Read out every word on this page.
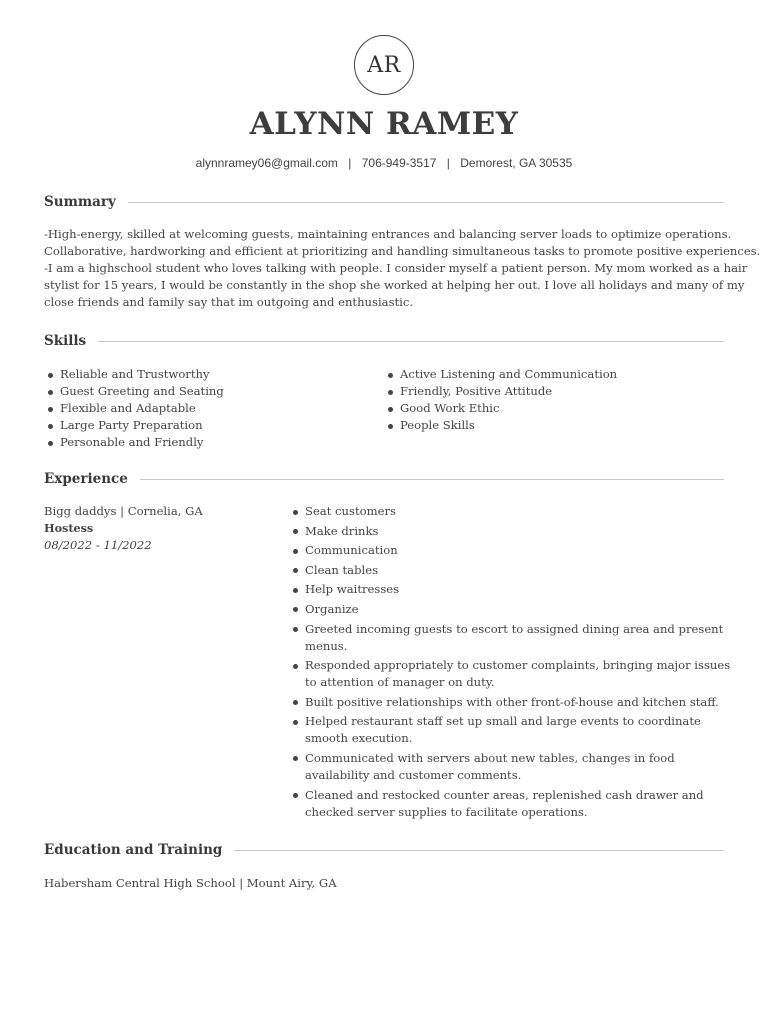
AR
ALYNN RAMEY
alynnramey06@gmail.com | 706-949-3517 | Demorest, GA 30535
Summary

-High-energy, skilled at welcoming guests, maintaining entrances and balancing server loads to optimize operations.

Collaborative, hardworking and efficient at prioritizing and handling simultaneous tasks to promote positive experiences.

-I am a highschool student who loves talking with people. I consider myself a patient person. My mom worked as a hair

stylist for 15 years, I would be constantly in the shop she worked at helping her out. I love all holidays and many of my

close friends and family say that im outgoing and enthusiastic.

Skills
Reliable and Trustworthy
Guest Greeting and Seating
Flexible and Adaptable
Large Party Preparation
Personable and Friendly
Active Listening and Communication
Friendly, Positive Attitude
Good Work Ethic
People Skills
Experience
Bigg daddys | Cornelia, GA
Hostess
08/2022 - 11/2022
Seat customers
Make drinks
Communication
Clean tables
Help waitresses
Organize
Greeted incoming guests to escort to assigned dining area and present menus.
Responded appropriately to customer complaints, bringing major issues to attention of manager on duty.
Built positive relationships with other front-of-house and kitchen staff.
Helped restaurant staff set up small and large events to coordinate smooth execution.
Communicated with servers about new tables, changes in food availability and customer comments.
Cleaned and restocked counter areas, replenished cash drawer and checked server supplies to facilitate operations.
Education and Training
Habersham Central High School | Mount Airy, GA
